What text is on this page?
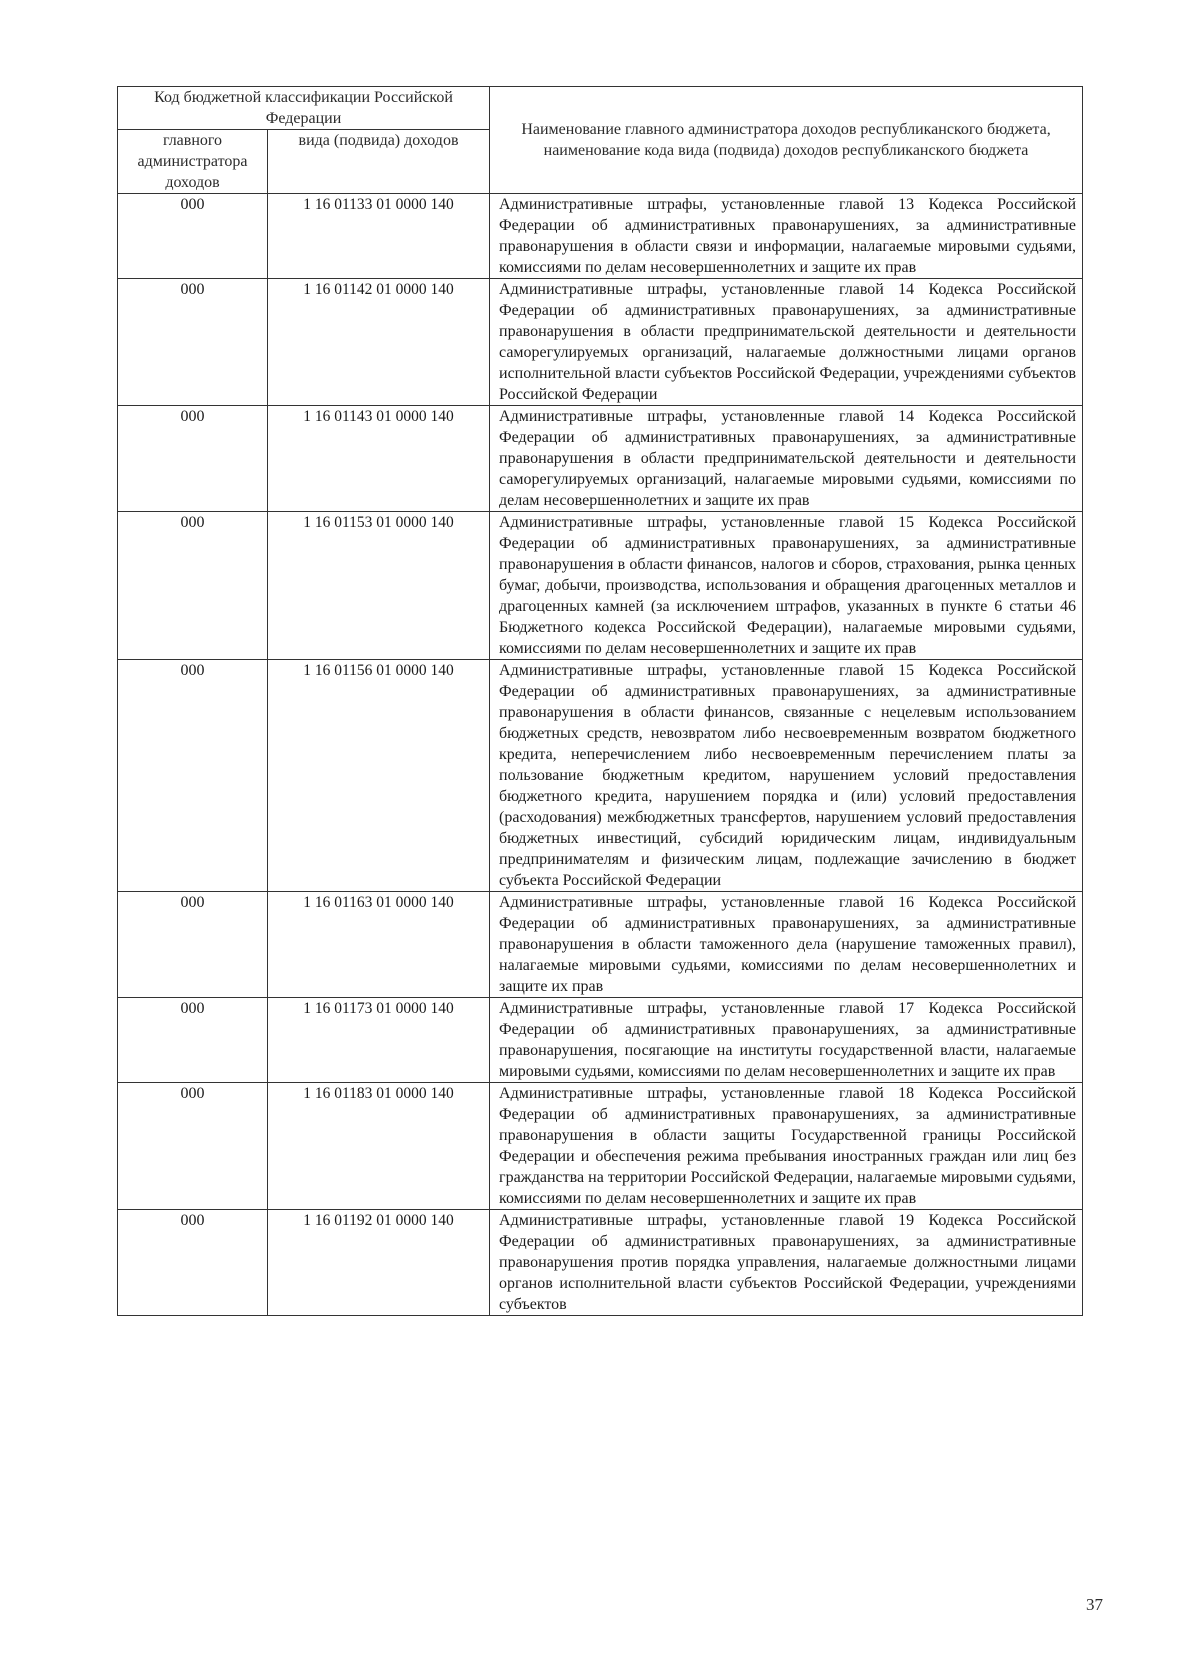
Код бюджетной классификации Российской Федерации		Наименование главного администратора доходов республиканского бюджета, наименование кода вида (подвида) доходов республиканского бюджета
главного администратора доходов	вида (подвида) доходов	
000	1 16 01133 01 0000 140	Административные штрафы, установленные главой 13 Кодекса Российской Федерации об административных правонарушениях, за административные правонарушения в области связи и информации, налагаемые мировыми судьями, комиссиями по делам несовершеннолетних и защите их прав
000	1 16 01142 01 0000 140	Административные штрафы, установленные главой 14 Кодекса Российской Федерации об административных правонарушениях, за административные правонарушения в области предпринимательской деятельности и деятельности саморегулируемых организаций, налагаемые должностными лицами органов исполнительной власти субъектов Российской Федерации, учреждениями субъектов Российской Федерации
000	1 16 01143 01 0000 140	Административные штрафы, установленные главой 14 Кодекса Российской Федерации об административных правонарушениях, за административные правонарушения в области предпринимательской деятельности и деятельности саморегулируемых организаций, налагаемые мировыми судьями, комиссиями по делам несовершеннолетних и защите их прав
000	1 16 01153 01 0000 140	Административные штрафы, установленные главой 15 Кодекса Российской Федерации об административных правонарушениях, за административные правонарушения в области финансов, налогов и сборов, страхования, рынка ценных бумаг, добычи, производства, использования и обращения драгоценных металлов и драгоценных камней (за исключением штрафов, указанных в пункте 6 статьи 46 Бюджетного кодекса Российской Федерации), налагаемые мировыми судьями, комиссиями по делам несовершеннолетних и защите их прав
000	1 16 01156 01 0000 140	Административные штрафы, установленные главой 15 Кодекса Российской Федерации об административных правонарушениях, за административные правонарушения в области финансов, связанные с нецелевым использованием бюджетных средств, невозвратом либо несвоевременным возвратом бюджетного кредита, неперечислением либо несвоевременным перечислением платы за пользование бюджетным кредитом, нарушением условий предоставления бюджетного кредита, нарушением порядка и (или) условий предоставления (расходования) межбюджетных трансфертов, нарушением условий предоставления бюджетных инвестиций, субсидий юридическим лицам, индивидуальным предпринимателям и физическим лицам, подлежащие зачислению в бюджет субъекта Российской Федерации
000	1 16 01163 01 0000 140	Административные штрафы, установленные главой 16 Кодекса Российской Федерации об административных правонарушениях, за административные правонарушения в области таможенного дела (нарушение таможенных правил), налагаемые мировыми судьями, комиссиями по делам несовершеннолетних и защите их прав
000	1 16 01173 01 0000 140	Административные штрафы, установленные главой 17 Кодекса Российской Федерации об административных правонарушениях, за административные правонарушения, посягающие на институты государственной власти, налагаемые мировыми судьями, комиссиями по делам несовершеннолетних и защите их прав
000	1 16 01183 01 0000 140	Административные штрафы, установленные главой 18 Кодекса Российской Федерации об административных правонарушениях, за административные правонарушения в области защиты Государственной границы Российской Федерации и обеспечения режима пребывания иностранных граждан или лиц без гражданства на территории Российской Федерации, налагаемые мировыми судьями, комиссиями по делам несовершеннолетних и защите их прав
000	1 16 01192 01 0000 140	Административные штрафы, установленные главой 19 Кодекса Российской Федерации об административных правонарушениях, за административные правонарушения против порядка управления, налагаемые должностными лицами органов исполнительной власти субъектов Российской Федерации, учреждениями субъектов
37
